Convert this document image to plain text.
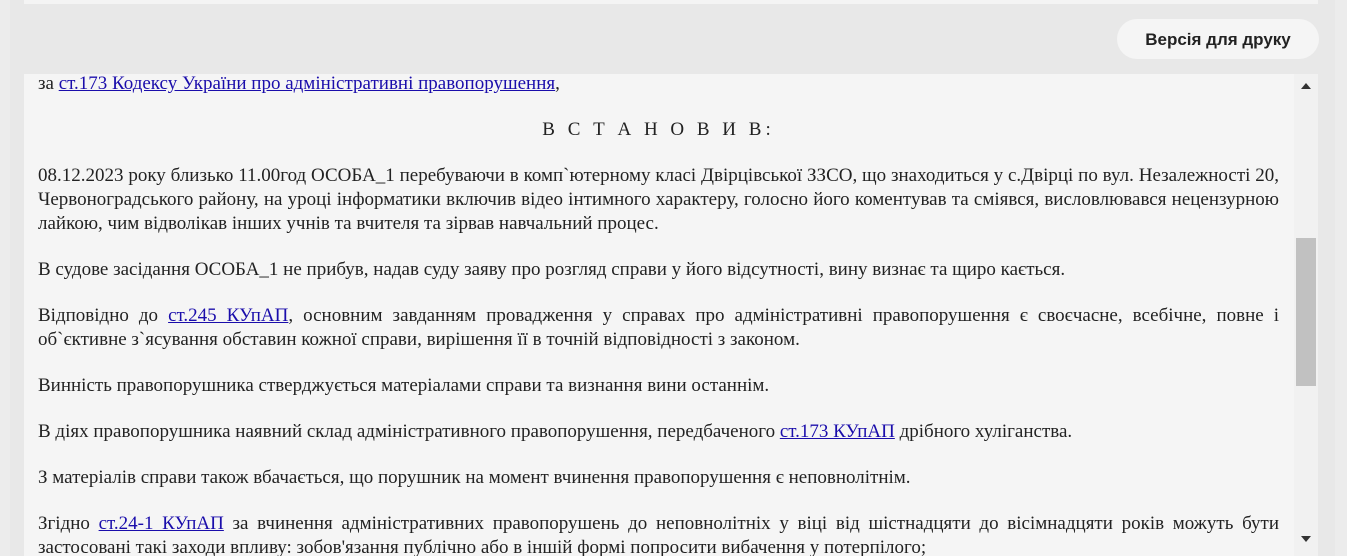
Версія для друку

за ст.173 Кодексу України про адміністративні правопорушення,

В С Т А Н О В И В:

08.12.2023 року близько 11.00год ОСОБА_1 перебуваючи в комп`ютерному класі Двірцівської ЗЗСО, що знаходиться у с.Двірці по вул. Незалежності 20, Червоноградського району, на уроці інформатики включив відео інтимного характеру, голосно його коментував та сміявся, висловлювався нецензурною лайкою, чим відволікав інших учнів та вчителя та зірвав навчальний процес.

В судове засідання ОСОБА_1 не прибув, надав суду заяву про розгляд справи у його відсутності, вину визнає та щиро кається.

Відповідно до ст.245 КУпАП, основним завданням провадження у справах про адміністративні правопорушення є своєчасне, всебічне, повне і об`єктивне з`ясування обставин кожної справи, вирішення її в точній відповідності з законом.

Винність правопорушника стверджується матеріалами справи та визнання вини останнім.

В діях правопорушника наявний склад адміністративного правопорушення, передбаченого ст.173 КУпАП дрібного хуліганства.

З матеріалів справи також вбачається, що порушник на момент вчинення правопорушення є неповнолітнім.

Згідно ст.24-1 КУпАП за вчинення адміністративних правопорушень до неповнолітніх у віці від шістнадцяти до вісімнадцяти років можуть бути застосовані такі заходи впливу: зобов'язання публічно або в іншій формі попросити вибачення у потерпілого;
